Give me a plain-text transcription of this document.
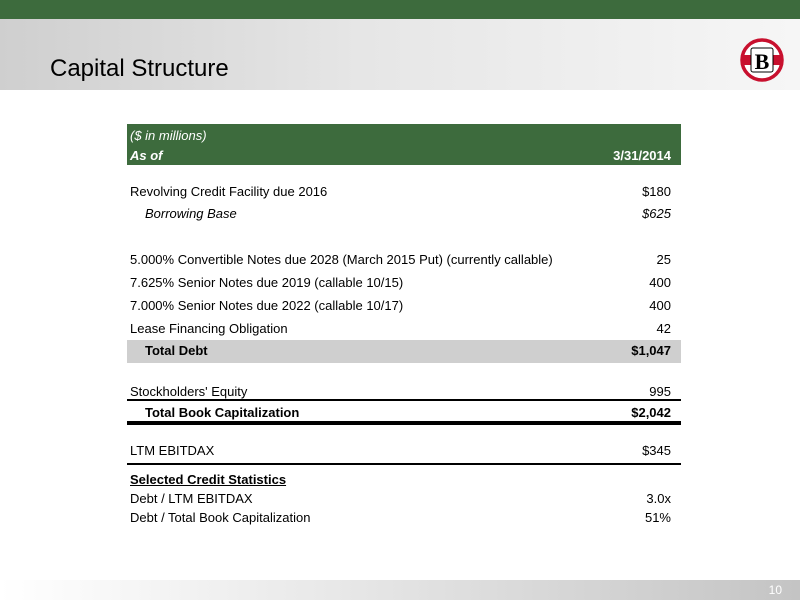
Capital Structure	B
($ in millions)
As of	3/31/2014
Revolving Credit Facility due 2016	$180
Borrowing Base	$625
5.000% Convertible Notes due 2028 (March 2015 Put) (currently callable)	25
7.625% Senior Notes due 2019 (callable 10/15)	400
7.000% Senior Notes due 2022 (callable 10/17)	400
Lease Financing Obligation	42
Total Debt	$1,047
Stockholders' Equity	995
Total Book Capitalization	$2,042
LTM EBITDAX	$345
Selected Credit Statistics
Debt / LTM EBITDAX	3.0x
Debt / Total Book Capitalization	51%
10
